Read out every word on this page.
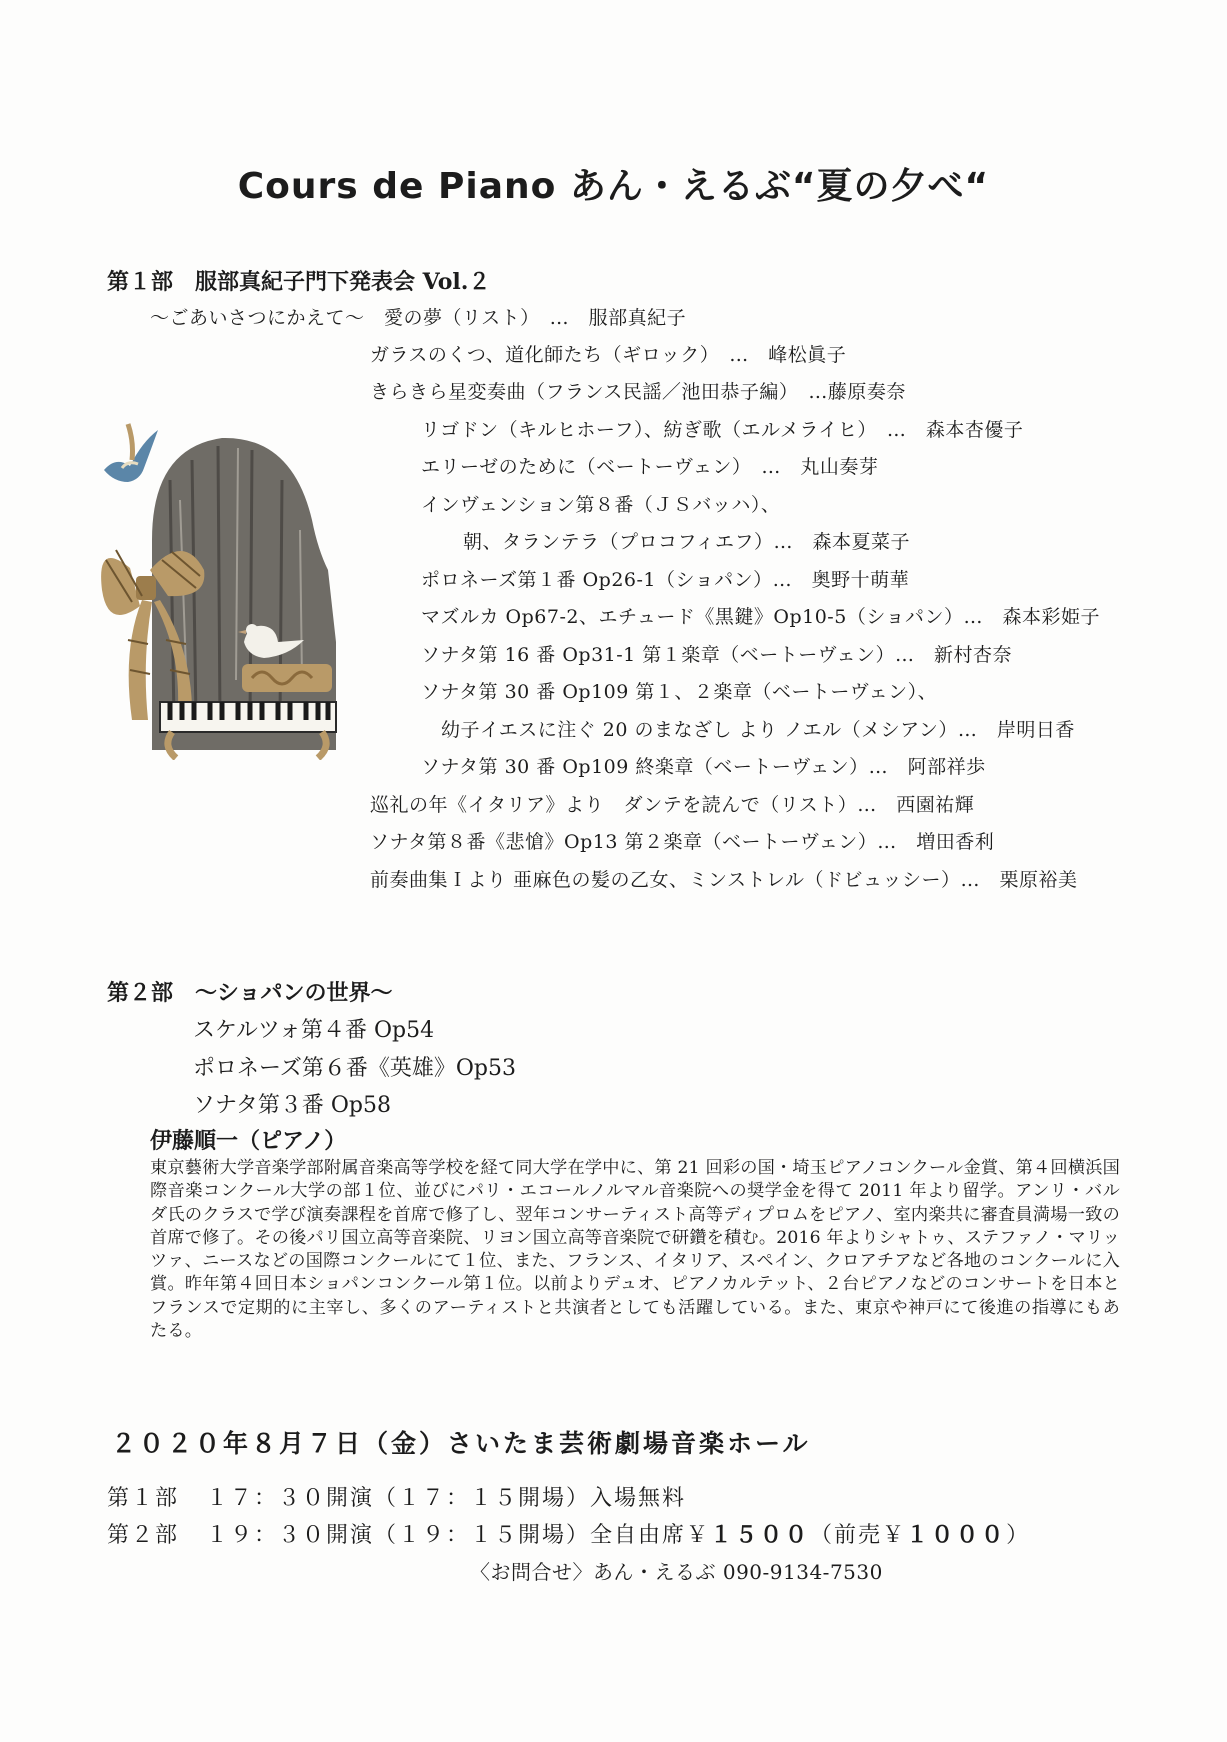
Cours de Piano あん・えるぶ“夏の夕べ“
第１部　服部真紀子門下発表会 Vol.２
～ごあいさつにかえて～　愛の夢（リスト）　…　服部真紀子
ガラスのくつ、道化師たち（ギロック）　…　峰松眞子
きらきら星変奏曲（フランス民謡／池田恭子編）　…藤原奏奈
リゴドン（キルヒホーフ）、紡ぎ歌（エルメライヒ）　…　森本杏優子
エリーゼのために（ベートーヴェン）　…　丸山奏芽
インヴェンション第８番（ＪＳバッハ）、
朝、タランテラ（プロコフィエフ）…　森本夏菜子
ポロネーズ第１番 Op26-1（ショパン）…　奥野十萌華
マズルカ Op67-2、エチュード《黒鍵》Op10-5（ショパン）…　森本彩姫子
ソナタ第 16 番 Op31-1 第１楽章（ベートーヴェン）…　新村杏奈
ソナタ第 30 番 Op109 第１、２楽章（ベートーヴェン）、
幼子イエスに注ぐ 20 のまなざし より ノエル（メシアン）…　岸明日香
ソナタ第 30 番 Op109 終楽章（ベートーヴェン）…　阿部祥歩
巡礼の年《イタリア》より　ダンテを読んで（リスト）…　西園祐輝
ソナタ第８番《悲愴》Op13 第２楽章（ベートーヴェン）…　増田香利
前奏曲集Ｉより 亜麻色の髪の乙女、ミンストレル（ドビュッシー）…　栗原裕美
第２部　～ショパンの世界～
スケルツォ第４番 Op54
ポロネーズ第６番《英雄》Op53
ソナタ第３番 Op58
伊藤順一（ピアノ）
東京藝術大学音楽学部附属音楽高等学校を経て同大学在学中に、第 21 回彩の国・埼玉ピアノコンクール金賞、第４回横浜国際音楽コンクール大学の部１位、並びにパリ・エコールノルマル音楽院への奨学金を得て 2011 年より留学。アンリ・バルダ氏のクラスで学び演奏課程を首席で修了し、翌年コンサーティスト高等ディプロムをピアノ、室内楽共に審査員満場一致の首席で修了。その後パリ国立高等音楽院、リヨン国立高等音楽院で研鑽を積む。2016 年よりシャトゥ、ステファノ・マリッツァ、ニースなどの国際コンクールにて１位、また、フランス、イタリア、スペイン、クロアチアなど各地のコンクールに入賞。昨年第４回日本ショパンコンクール第１位。以前よりデュオ、ピアノカルテット、２台ピアノなどのコンサートを日本とフランスで定期的に主宰し、多くのアーティストと共演者としても活躍している。また、東京や神戸にて後進の指導にもあたる。
２０２０年８月７日（金）さいたま芸術劇場音楽ホール
第１部 １７：３０開演（１７：１５開場）入場無料
第２部 １９：３０開演（１９：１５開場）全自由席￥１５００（前売￥１０００）
〈お問合せ〉あん・えるぶ 090-9134-7530
